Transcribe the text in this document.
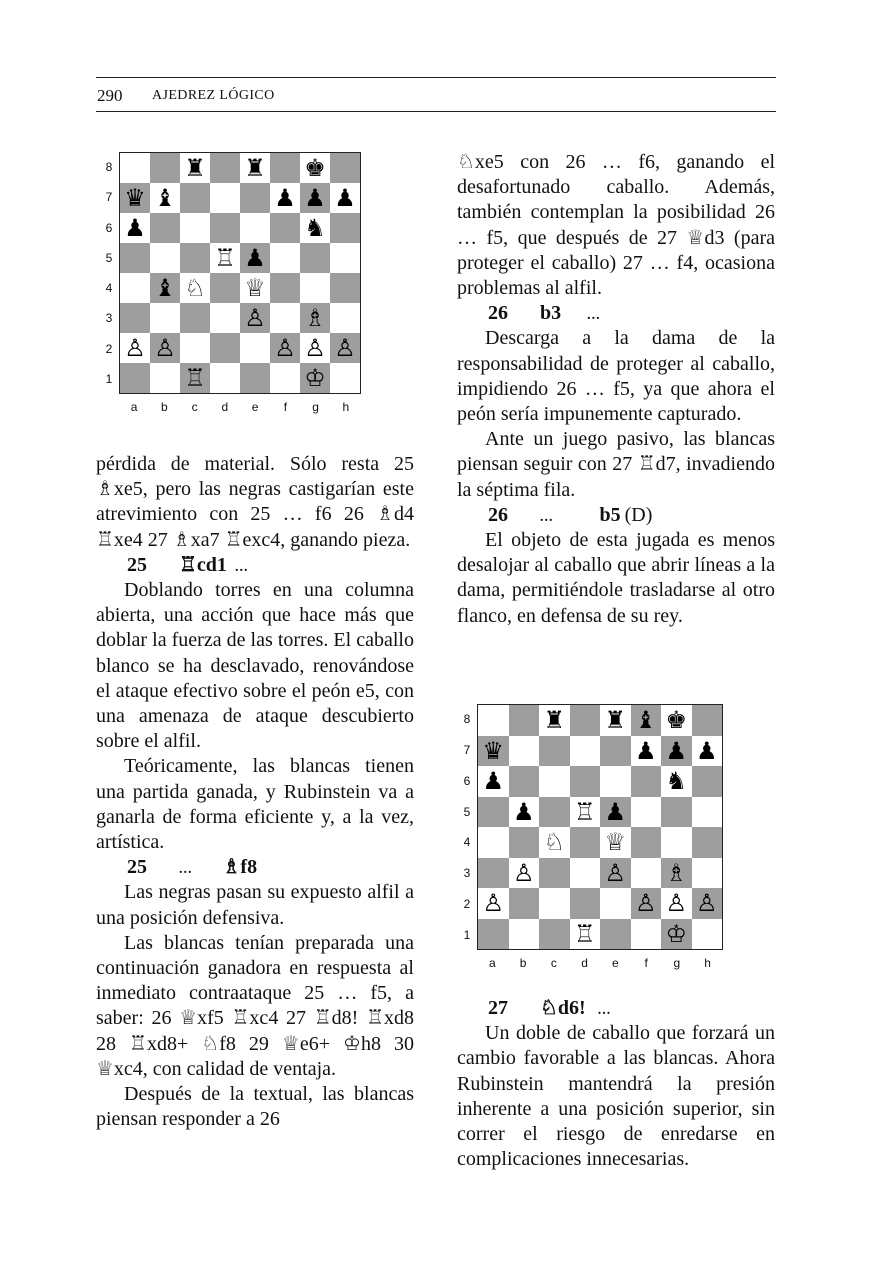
290 AJEDREZ LÓGICO
♜ ♜ ♚
♛ ♝	♟ ♟ ♟
♟	♞
♖ ♟
♝ ♘ ♕
♙ ♗
♙ ♙	♙ ♙ ♙
♖	♔
8
7
6
5
4
3
2
1
a	b	c	d	e	f	g	h

pérdida de material. Sólo resta 25 ♗xe5, pero las negras castigarían este atrevimiento con 25 … f6 26 ♗d4 ♖xe4 27 ♗xa7 ♖exc4, ganando pieza.

25	♖cd1 ...

Doblando torres en una columna abierta, una acción que hace más que doblar la fuerza de las torres. El caballo blanco se ha desclavado, renovándose el ataque efectivo sobre el peón e5, con una amenaza de ataque descubierto sobre el alfil.

Teóricamente, las blancas tienen una partida ganada, y Rubinstein va a ganarla de forma eficiente y, a la vez, artística.

25	... ♗f8

Las negras pasan su expuesto alfil a una posición defensiva.

Las blancas tenían preparada una continuación ganadora en respuesta al inmediato contraataque 25 … f5, a saber: 26 ♕xf5 ♖xc4 27 ♖d8! ♖xd8 28 ♖xd8+ ♘f8 29 ♕e6+ ♔h8 30 ♕xc4, con calidad de ventaja.

Después de la textual, las blancas piensan responder a 26

♘xe5 con 26 … f6, ganando el desafortunado caballo. Además, también contemplan la posibilidad 26 … f5, que después de 27 ♕d3 (para proteger el caballo) 27 … f4, ocasiona problemas al alfil.

26	b3 ...

Descarga a la dama de la responsabilidad de proteger al caballo, impidiendo 26 … f5, ya que ahora el peón sería impunemente capturado.

Ante un juego pasivo, las blancas piensan seguir con 27 ♖d7, invadiendo la séptima fila.

26	... b5 (D)

El objeto de esta jugada es menos desalojar al caballo que abrir líneas a la dama, permitiéndole trasladarse al otro flanco, en defensa de su rey.

♜ ♜ ♝ ♚
♛	♟ ♟ ♟
♟	♞
♟ ♖ ♟
♘ ♕
♙	♙ ♗
♙	♙ ♙ ♙
♖	♔
8
7
6
5
4
3
2
1
a	b	c	d	e	f	g	h
27	♘d6! ...

Un doble de caballo que forzará un cambio favorable a las blancas. Ahora Rubinstein mantendrá la presión inherente a una posición superior, sin correr el riesgo de enredarse en complicaciones innecesarias.
